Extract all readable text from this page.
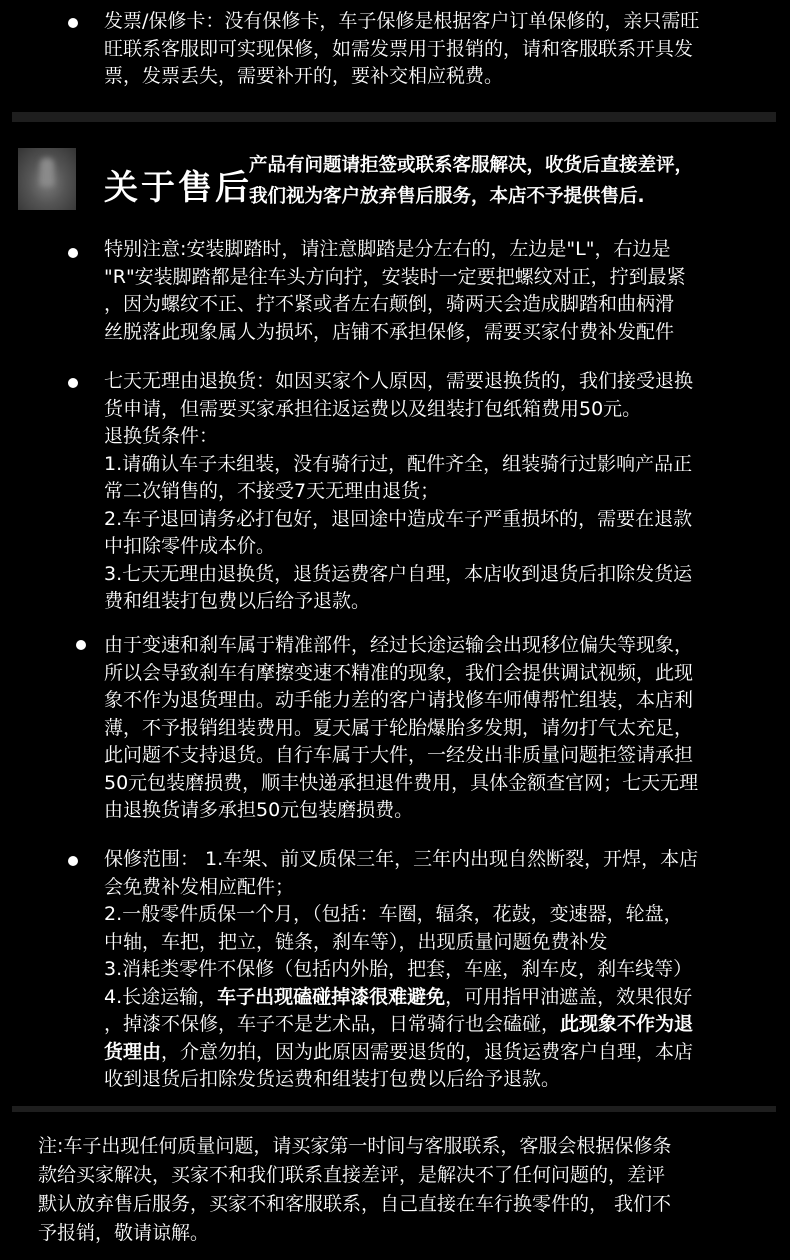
发票/保修卡：没有保修卡，车子保修是根据客户订单保修的，亲只需旺
旺联系客服即可实现保修，如需发票用于报销的，请和客服联系开具发
票，发票丢失，需要补开的，要补交相应税费。
关于售后
产品有问题请拒签或联系客服解决，收货后直接差评，
我们视为客户放弃售后服务，本店不予提供售后.
特别注意:安装脚踏时，请注意脚踏是分左右的，左边是"L"，右边是
"R"安装脚踏都是往车头方向拧，安装时一定要把螺纹对正，拧到最紧
，因为螺纹不正、拧不紧或者左右颠倒，骑两天会造成脚踏和曲柄滑
丝脱落此现象属人为损坏，店铺不承担保修，需要买家付费补发配件
七天无理由退换货：如因买家个人原因，需要退换货的，我们接受退换
货申请，但需要买家承担往返运费以及组装打包纸箱费用50元。
退换货条件：
1.请确认车子未组装，没有骑行过，配件齐全，组装骑行过影响产品正
常二次销售的，不接受7天无理由退货；
2.车子退回请务必打包好，退回途中造成车子严重损坏的，需要在退款
中扣除零件成本价。
3.七天无理由退换货，退货运费客户自理，本店收到退货后扣除发货运
费和组装打包费以后给予退款。
由于变速和刹车属于精准部件，经过长途运输会出现移位偏失等现象，
所以会导致刹车有摩擦变速不精准的现象，我们会提供调试视频，此现
象不作为退货理由。动手能力差的客户请找修车师傅帮忙组装，本店利
薄，不予报销组装费用。夏天属于轮胎爆胎多发期，请勿打气太充足，
此问题不支持退货。自行车属于大件，一经发出非质量问题拒签请承担
50元包装磨损费，顺丰快递承担退件费用，具体金额查官网；七天无理
由退换货请多承担50元包装磨损费。
保修范围： 1.车架、前叉质保三年，三年内出现自然断裂，开焊，本店
会免费补发相应配件；
2.一般零件质保一个月，（包括：车圈，辐条，花鼓，变速器，轮盘，
中轴，车把，把立，链条，刹车等），出现质量问题免费补发
3.消耗类零件不保修（包括内外胎，把套，车座，刹车皮，刹车线等）
4.长途运输，车子出现磕碰掉漆很难避免，可用指甲油遮盖，效果很好
，掉漆不保修，车子不是艺术品，日常骑行也会磕碰，此现象不作为退
货理由，介意勿拍，因为此原因需要退货的，退货运费客户自理，本店
收到退货后扣除发货运费和组装打包费以后给予退款。
注:车子出现任何质量问题，请买家第一时间与客服联系，客服会根据保修条
款给买家解决，买家不和我们联系直接差评，是解决不了任何问题的，差评
默认放弃售后服务，买家不和客服联系，自己直接在车行换零件的， 我们不
予报销，敬请谅解。
